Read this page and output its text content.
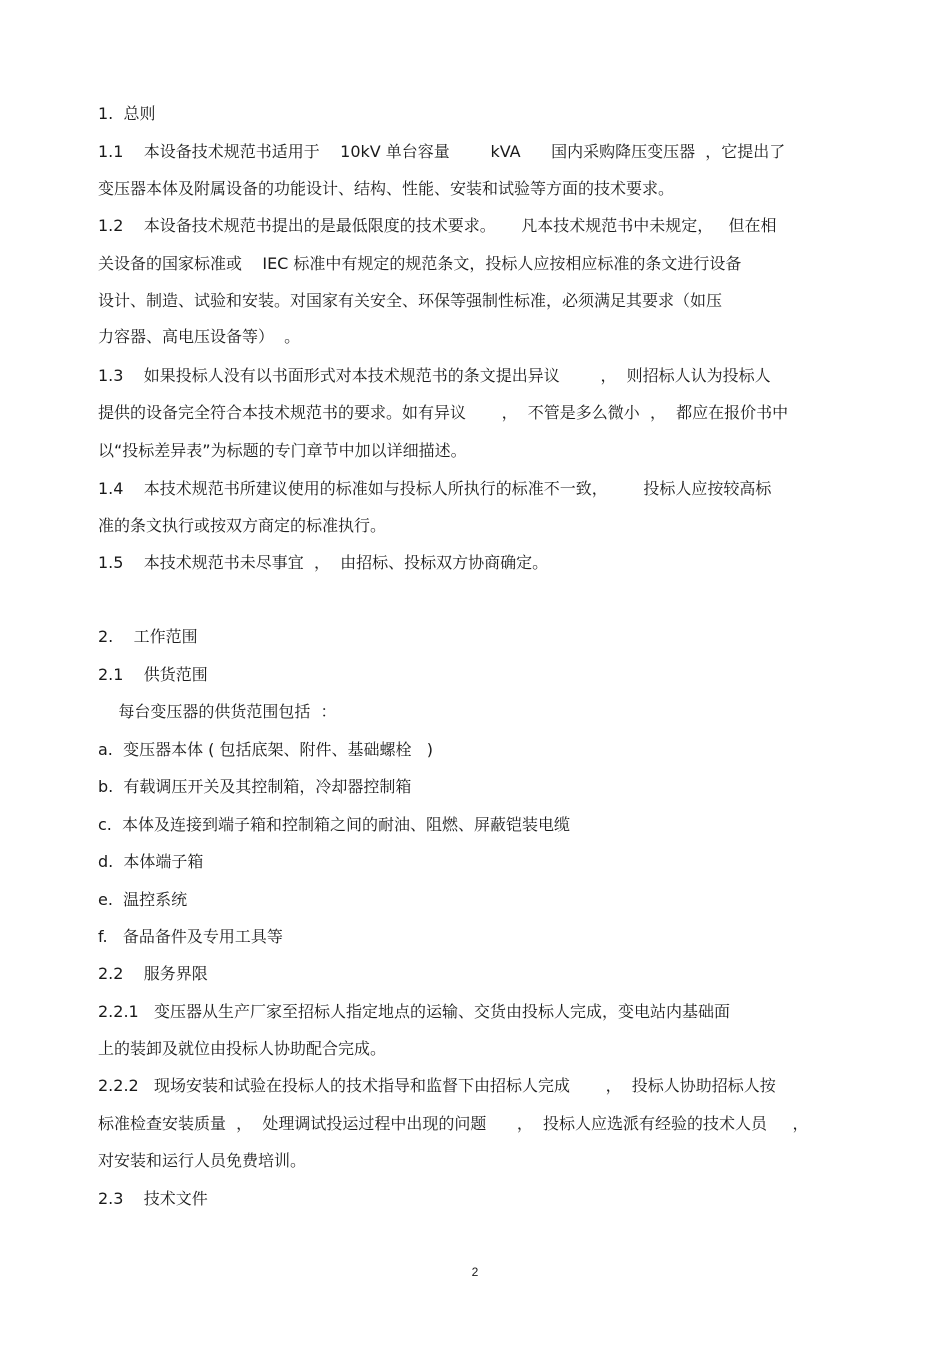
1.  总则
1.1    本设备技术规范书适用于    10kV 单台容量        kVA      国内采购降压变压器  ，它提出了
变压器本体及附属设备的功能设计、结构、性能、安装和试验等方面的技术要求。
1.2    本设备技术规范书提出的是最低限度的技术要求。     凡本技术规范书中未规定，   但在相
关设备的国家标准或    IEC 标准中有规定的规范条文，投标人应按相应标准的条文进行设备
设计、制造、试验和安装。对国家有关安全、环保等强制性标准，必须满足其要求（如压
力容器、高电压设备等）  。
1.3    如果投标人没有以书面形式对本技术规范书的条文提出异议        ，  则招标人认为投标人
提供的设备完全符合本技术规范书的要求。如有异议       ，  不管是多么微小  ，  都应在报价书中
以“投标差异表”为标题的专门章节中加以详细描述。
1.4    本技术规范书所建议使用的标准如与投标人所执行的标准不一致，       投标人应按较高标
准的条文执行或按双方商定的标准执行。
1.5    本技术规范书未尽事宜  ，  由招标、投标双方协商确定。
2.    工作范围
2.1    供货范围
每台变压器的供货范围包括  ：
a.  变压器本体 ( 包括底架、附件、基础螺栓   )
b.  有载调压开关及其控制箱，冷却器控制箱
c.  本体及连接到端子箱和控制箱之间的耐油、阻燃、屏蔽铠装电缆
d.  本体端子箱
e.  温控系统
f.   备品备件及专用工具等
2.2    服务界限
2.2.1   变压器从生产厂家至招标人指定地点的运输、交货由投标人完成，变电站内基础面
上的装卸及就位由投标人协助配合完成。
2.2.2   现场安装和试验在投标人的技术指导和监督下由招标人完成       ，  投标人协助招标人按
标准检查安装质量  ，  处理调试投运过程中出现的问题      ，  投标人应选派有经验的技术人员     ，
对安装和运行人员免费培训。
2.3    技术文件
2
